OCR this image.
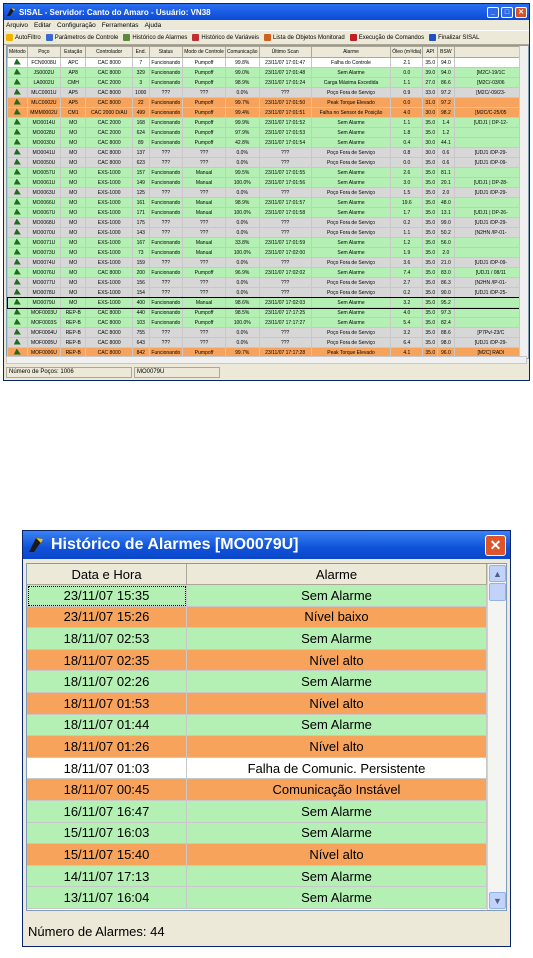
SISAL - Servidor: Canto do Amaro - Usuário: VN38	_	□	✕
Arquivo Editar Configuração Ferramentas Ajuda
AutoFiltro Parâmetros de Controle Histórico de Alarmes Histórico de Variáveis Lista de Objetos Monitorad Execução de Comandos Finalizar SISAL
Método	Poço	Estação	Controlador	End.	Status	Modo de Controle	Comunicação	Último Scan	Alarme	Óleo (m³/dia)	API	BSW	
	FCN0008U	APC	CAC 8000	7	Funcionando	Pumpoff	99.8%	23/11/07 17:01:47	Falha do Controle	2.1	35.0	94.0	
	JS0002U	AP8	CAC 8000	329	Funcionando	Pumpoff	99.0%	23/11/07 17:01:48	Sem Alarme	0.0	39.0	94.0	[M2C/-19/1C
	LA0002U	CMH	CAC 2000	3	Funcionando	Pumpoff	98.9%	23/11/07 17:01:24	Carga Máxima Excedida	1.1	27.0	86.6	[M2C/-03/06
	MLC0001U	AP5	CAC 8000	1000	???	???	0.0%	???	Poço Fora de Serviço	0.9	33.0	97.2	[M2C/-09/23-
	MLC0002U	AP5	CAC 8000	22	Funcionando	Pumpoff	99.7%	23/11/07 17:01:50	Peak Torque Elevado	0.0	31.0	97.2	
	MMM0002U	CM1	CAC 2000 D/AU	499	Funcionando	Pumpoff	99.4%	23/11/07 17:01:51	Falha no Sensor de Posição	4.0	30.0	98.2	[M2C/C-25/05
	MO0014U	MO	CAC 2000	168	Funcionando	Pumpoff	99.9%	23/11/07 17:01:52	Sem Alarme	1.1	35.0	1.4	[UDJ1 | DP-12-
	MO0028U	MO	CAC 2000	624	Funcionando	Pumpoff	97.9%	23/11/07 17:01:53	Sem Alarme	1.8	35.0	1.2	
	MO0030U	MO	CAC 8000	89	Funcionando	Pumpoff	42.8%	23/11/07 17:01:54	Sem Alarme	0.4	30.0	44.1	
	MO0041U	MO	CAC 8000	137	???	???	0.0%	???	Poço Fora de Serviço	0.8	30.0	0.6	[UDJ1 /DP-29-
	MO0050U	MO	CAC 8000	623	???	???	0.0%	???	Poço Fora de Serviço	0.0	35.0	0.6	[UDJ1 /DP-09-
	MO0057U	MO	EXS-1000	157	Funcionando	Manual	99.5%	23/11/07 17:01:55	Sem Alarme	2.6	35.0	81.1	
	MO0061U	MO	EXS-1000	149	Funcionando	Manual	100.0%	23/11/07 17:01:56	Sem Alarme	3.0	35.0	20.1	[UDJ1 | DP-28-
	MO0063U	MO	EXS-1000	125	???	???	0.0%	???	Poço Fora de Serviço	1.5	35.0	2.0	[UDJ1 /DP-29-
	MO0066U	MO	EXS-1000	161	Funcionando	Manual	98.9%	23/11/07 17:01:57	Sem Alarme	19.6	35.0	48.0	
	MO0067U	MO	EXS-1000	171	Funcionando	Manual	100.0%	23/11/07 17:01:58	Sem Alarme	1.7	35.0	13.1	[UDJ1 | DP-26-
	MO0068U	MO	EXS-1000	175	???	???	0.0%	???	Poço Fora de Serviço	0.2	35.0	99.0	[UDJ1 /DP-29-
	MO0070U	MO	EXS-1000	143	???	???	0.0%	???	Poço Fora de Serviço	1.1	35.0	50.2	[N2HN /IP-01-
	MO0071U	MO	EXS-1000	167	Funcionando	Manual	33.8%	23/11/07 17:01:59	Sem Alarme	1.2	35.0	56.0	
	MO0073U	MO	EXS-1000	73	Funcionando	Manual	100.0%	23/11/07 17:02:00	Sem Alarme	1.9	35.0	2.0	
	MO0074U	MO	EXS-1000	159	???	???	0.0%	???	Poço Fora de Serviço	3.6	35.0	21.0	[UDJ1 /DP-09-
	MO0076U	MO	CAC 8000	200	Funcionando	Pumpoff	96.9%	23/11/07 17:02:02	Sem Alarme	7.4	35.0	83.0	[UDJ1 / 08/11
	MO0077U	MO	EXS-1000	156	???	???	0.0%	???	Poço Fora de Serviço	2.7	35.0	86.3	[N2HN /IP-01-
	MO0078U	MO	EXS-1000	154	???	???	0.0%	???	Poço Fora de Serviço	0.2	35.0	90.0	[UDJ1 /DP-25-
	MO0079U	MO	EXS-1000	400	Funcionando	Manual	98.6%	23/11/07 17:02:03	Sem Alarme	3.2	35.0	95.2	
	MOF0003U	REP-B	CAC 8000	440	Funcionando	Pumpoff	98.5%	23/11/07 17:17:25	Sem Alarme	4.0	35.0	97.3	
	MOF0003S	REP-B	CAC 8000	103	Funcionando	Pumpoff	100.0%	23/11/07 17:17:27	Sem Alarme	5.4	35.0	82.4	
	MOF0004U	REP-B	CAC 8000	755	???	???	0.0%	???	Poço Fora de Serviço	3.2	35.0	88.6	[P7Pv/-23/C
	MOF0005U	REP-B	CAC 8000	643	???	???	0.0%	???	Poço Fora de Serviço	6.4	35.0	98.0	[UDJ1 /DP-29-
	MOF0006U	REP-B	CAC 8000	842	Funcionando	Pumpoff	99.7%	23/11/07 17:17:28	Peak Torque Elevado	4.1	35.0	96.0	[M2C] RADI
Número de Poços: 1006	MO0079U
Histórico de Alarmes [MO0079U]	✕
Data e Hora	Alarme
23/11/07 15:35	Sem Alarme
23/11/07 15:26	Nível baixo
18/11/07 02:53	Sem Alarme
18/11/07 02:35	Nível alto
18/11/07 02:26	Sem Alarme
18/11/07 01:53	Nível alto
18/11/07 01:44	Sem Alarme
18/11/07 01:26	Nível alto
18/11/07 01:03	Falha de Comunic. Persistente
18/11/07 00:45	Comunicação Instável
16/11/07 16:47	Sem Alarme
15/11/07 16:03	Sem Alarme
15/11/07 15:40	Nível alto
14/11/07 17:13	Sem Alarme
13/11/07 16:04	Sem Alarme
▲
▼
Número de Alarmes: 44
